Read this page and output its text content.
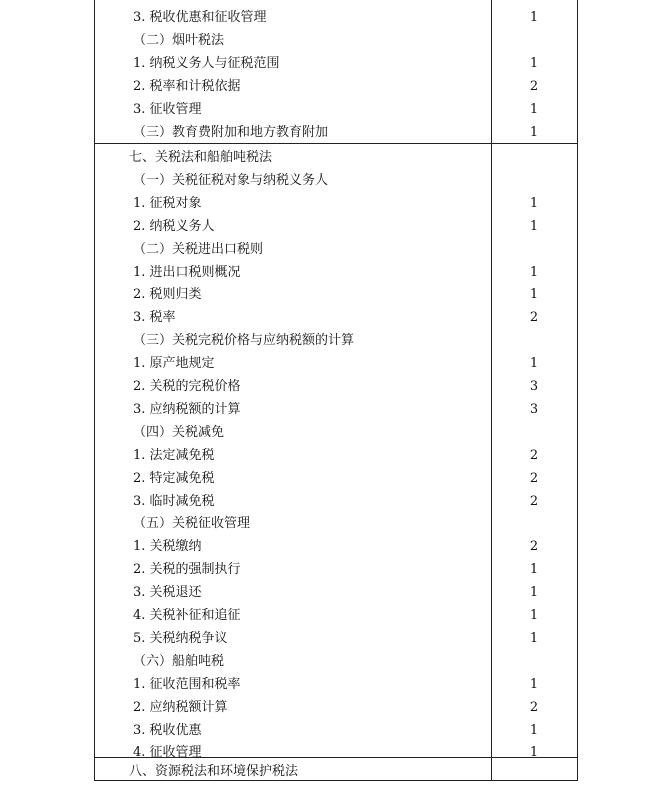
3. 税收优惠和征收管理	1
（二）烟叶税法
1. 纳税义务人与征税范围	1
2. 税率和计税依据	2
3. 征收管理	1
（三）教育费附加和地方教育附加	1
七、关税法和船舶吨税法
（一）关税征税对象与纳税义务人
1. 征税对象	1
2. 纳税义务人	1
（二）关税进出口税则
1. 进出口税则概况	1
2. 税则归类	1
3. 税率	2
（三）关税完税价格与应纳税额的计算
1. 原产地规定	1
2. 关税的完税价格	3
3. 应纳税额的计算	3
（四）关税减免
1. 法定减免税	2
2. 特定减免税	2
3. 临时减免税	2
（五）关税征收管理
1. 关税缴纳	2
2. 关税的强制执行	1
3. 关税退还	1
4. 关税补征和追征	1
5. 关税纳税争议	1
（六）船舶吨税
1. 征收范围和税率	1
2. 应纳税额计算	2
3. 税收优惠	1
4. 征收管理	1
八、资源税法和环境保护税法
